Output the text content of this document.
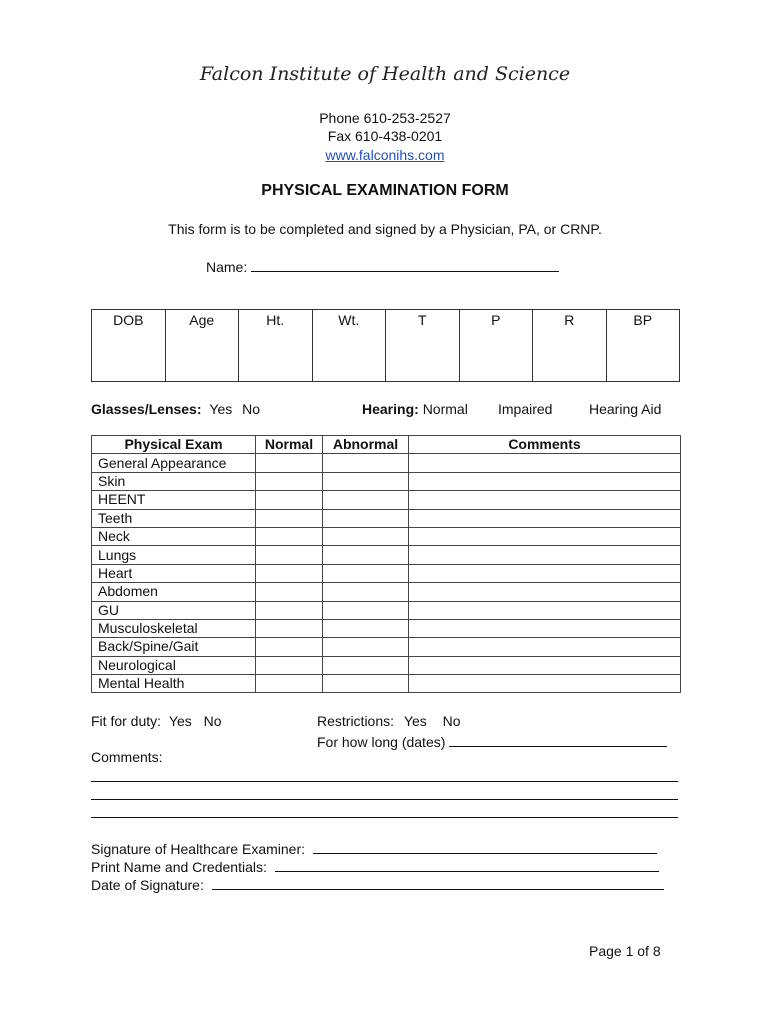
Falcon Institute of Health and Science
Phone 610-253-2527
Fax 610-438-0201
www.falconihs.com
PHYSICAL EXAMINATION FORM
This form is to be completed and signed by a Physician, PA, or CRNP.
Name:
DOB	Age	Ht.	Wt.	T	P	R	BP
Glasses/Lenses: Yes No	Hearing: Normal Impaired	Hearing Aid
Physical Exam	Normal	Abnormal	Comments
General Appearance			
Skin			
HEENT			
Teeth			
Neck			
Lungs			
Heart			
Abdomen			
GU			
Musculoskeletal			
Back/Spine/Gait			
Neurological			
Mental Health			
Fit for duty: Yes No	Restrictions: Yes No
For how long (dates)
Comments:
Signature of Healthcare Examiner:
Print Name and Credentials:
Date of Signature:
Page 1 of 8
